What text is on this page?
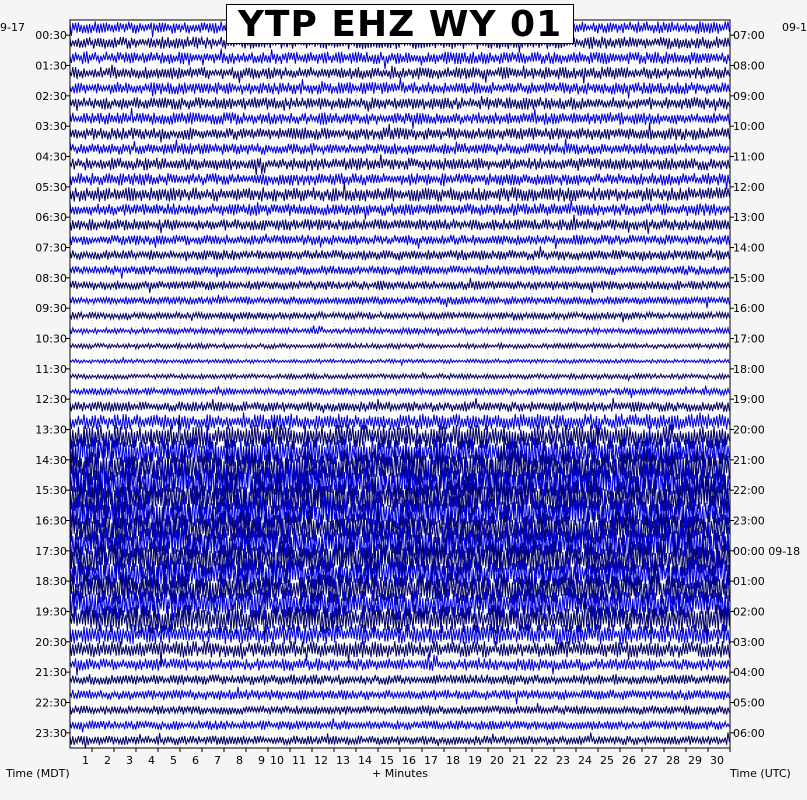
1 2 3 4 5 6 7 8 9 10 11 12 13 14 15 16 17 18 19 20 21 22 23 24 25 26 27 28 29 30
00:30
01:30
02:30
03:30
04:30
05:30
06:30
07:30
08:30
09:30
10:30
11:30
12:30
13:30
14:30
15:30
16:30
17:30
18:30
19:30
20:30
21:30
22:30
23:30
07:00
08:00
09:00
10:00
11:00
12:00
13:00
14:00
15:00
16:00
17:00
18:00
19:00
20:00
21:00
22:00
23:00
00:00 09-18
01:00
02:00
03:00
04:00
05:00
06:00
YTP EHZ WY 01
9-17	09-1
Time (MDT)	+ Minutes	Time (UTC)
